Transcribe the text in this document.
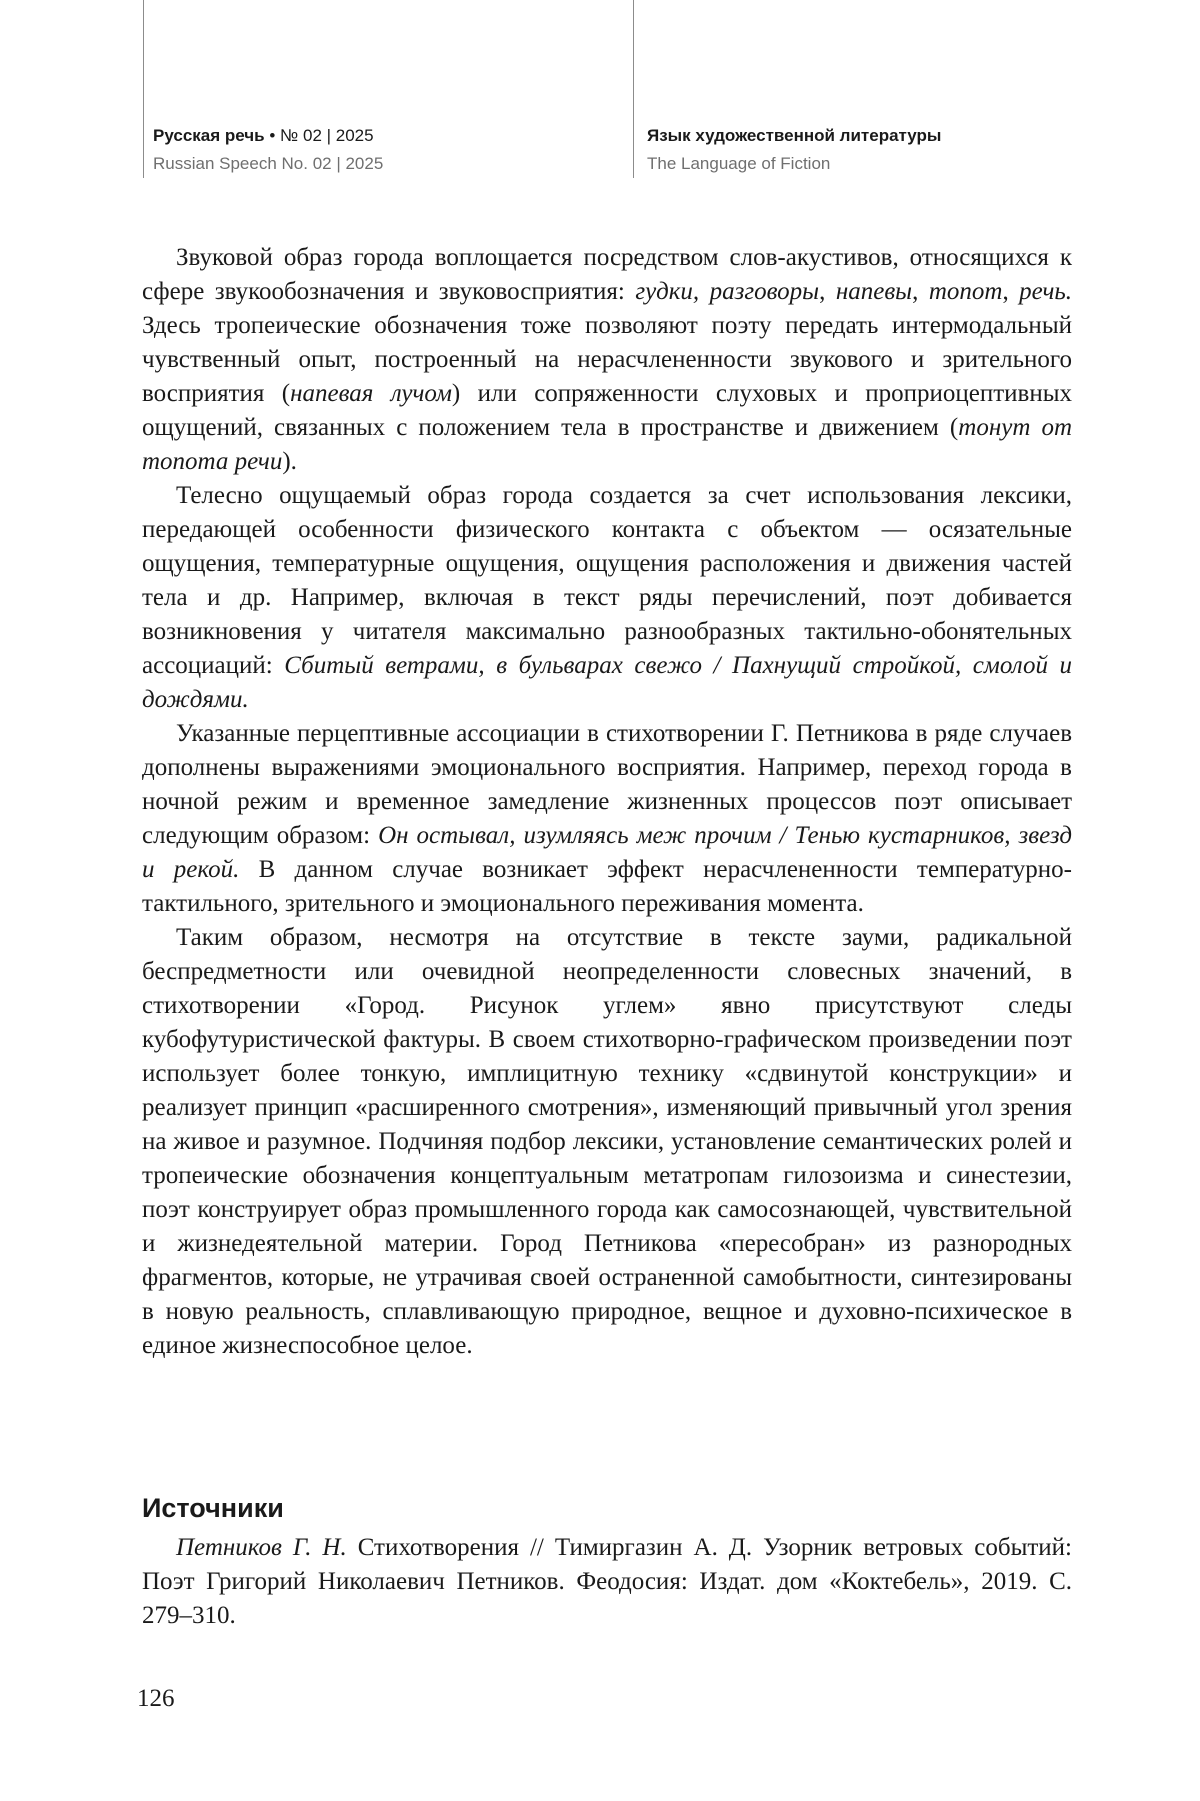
Русская речь • № 02 | 2025
Russian Speech No. 02 | 2025
Язык художественной литературы
The Language of Fiction

Звуковой образ города воплощается посредством слов-акустивов, относящихся к сфере звукообозначения и звуковосприятия: гудки, разговоры, напевы, топот, речь. Здесь тропеические обозначения тоже позволяют поэту передать интермодальный чувственный опыт, построенный на нерасчлененности звукового и зрительного восприятия (напевая лучом) или сопряженности слуховых и проприоцептивных ощущений, связанных с положением тела в пространстве и движением (тонут от топота речи).

Телесно ощущаемый образ города создается за счет использования лексики, передающей особенности физического контакта с объектом — осязательные ощущения, температурные ощущения, ощущения расположения и движения частей тела и др. Например, включая в текст ряды перечислений, поэт добивается возникновения у читателя максимально разнообразных тактильно-обонятельных ассоциаций: Сбитый ветрами, в бульварах свежо / Пахнущий стройкой, смолой и дождями.

Указанные перцептивные ассоциации в стихотворении Г. Петникова в ряде случаев дополнены выражениями эмоционального восприятия. Например, переход города в ночной режим и временное замедление жизненных процессов поэт описывает следующим образом: Он остывал, изумляясь меж прочим / Тенью кустарников, звезд и рекой. В данном случае возникает эффект нерасчлененности температурно-тактильного, зрительного и эмоционального переживания момента.

Таким образом, несмотря на отсутствие в тексте зауми, радикальной беспредметности или очевидной неопределенности словесных значений, в стихотворении «Город. Рисунок углем» явно присутствуют следы кубофутуристической фактуры. В своем стихотворно-графическом произведении поэт использует более тонкую, имплицитную технику «сдвинутой конструкции» и реализует принцип «расширенного смотрения», изменяющий привычный угол зрения на живое и разумное. Подчиняя подбор лексики, установление семантических ролей и тропеические обозначения концептуальным метатропам гилозоизма и синестезии, поэт конструирует образ промышленного города как самосознающей, чувствительной и жизнедеятельной материи. Город Петникова «пересобран» из разнородных фрагментов, которые, не утрачивая своей остраненной самобытности, синтезированы в новую реальность, сплавливающую природное, вещное и духовно-психическое в единое жизнеспособное целое.

Источники

Петников Г. Н. Стихотворения // Тимиргазин А. Д. Узорник ветровых событий: Поэт Григорий Николаевич Петников. Феодосия: Издат. дом «Коктебель», 2019. С. 279–310.

126
